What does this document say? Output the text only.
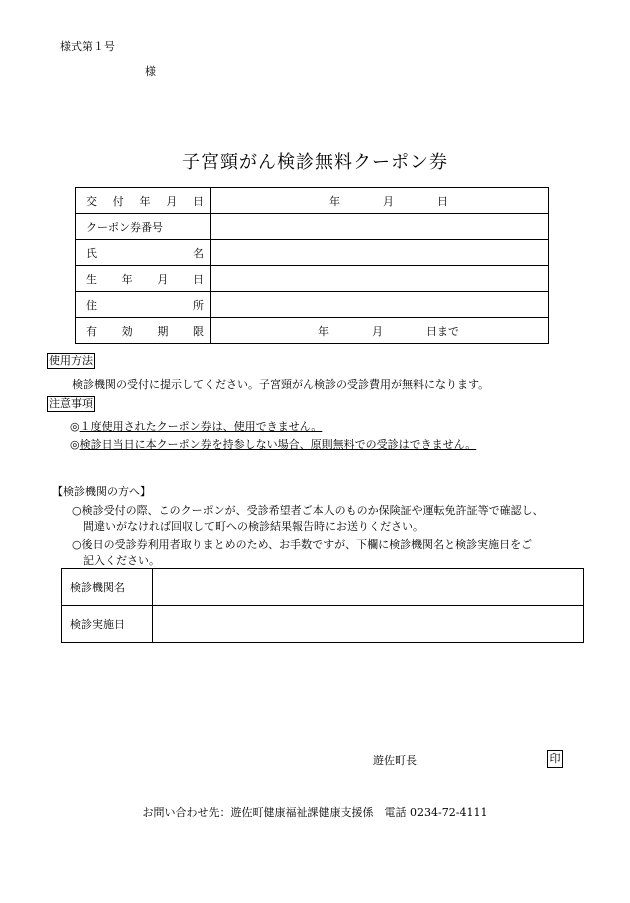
様式第１号
様
子宮頸がん検診無料クーポン券
交 付 年 月 日	年 月 日

クーポン券番号	

氏 名	

生 年 月 日	

住 所	

有 効 期 限	年 月 日まで
使用方法
検診機関の受付に提示してください。子宮頸がん検診の受診費用が無料になります。
注意事項
◎１度使用されたクーポン券は、使用できません。
◎検診日当日に本クーポン券を持参しない場合、原則無料での受診はできません。
【検診機関の方へ】
○検診受付の際、このクーポンが、受診希望者ご本人のものか保険証や運転免許証等で確認し、
間違いがなければ回収して町への検診結果報告時にお送りください。
○後日の受診券利用者取りまとめのため、お手数ですが、下欄に検診機関名と検診実施日をご
記入ください。
検診機関名	
検診実施日	
遊佐町長	印
お問い合わせ先：遊佐町健康福祉課健康支援係　電話 0234-72-4111
